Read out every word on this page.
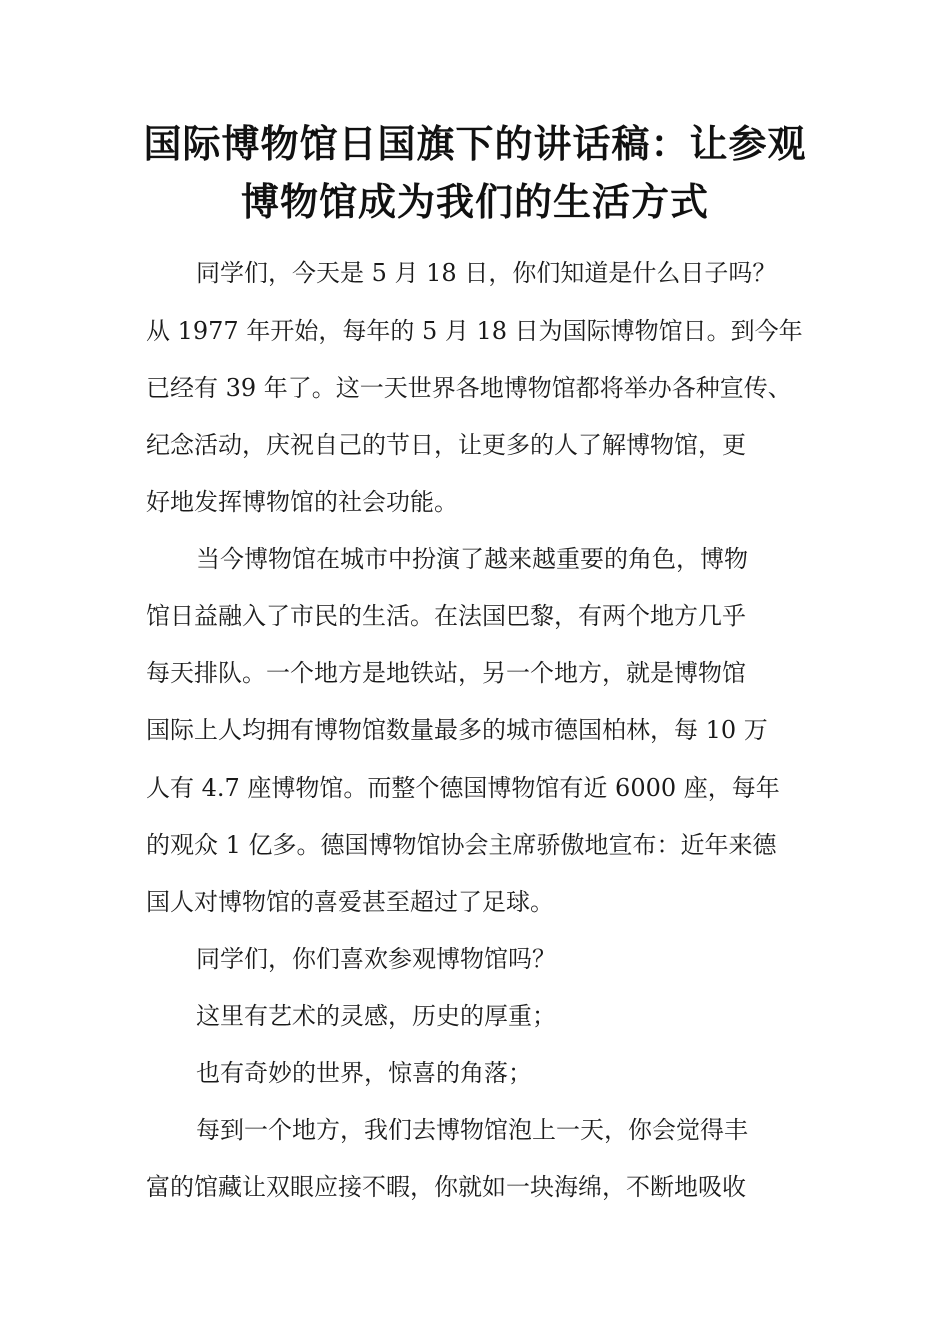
国际博物馆日国旗下的讲话稿：让参观
博物馆成为我们的生活方式
同学们，今天是 5 月 18 日，你们知道是什么日子吗？
从 1977 年开始，每年的 5 月 18 日为国际博物馆日。到今年
已经有 39 年了。这一天世界各地博物馆都将举办各种宣传、
纪念活动，庆祝自己的节日，让更多的人了解博物馆，更
好地发挥博物馆的社会功能。
当今博物馆在城市中扮演了越来越重要的角色，博物
馆日益融入了市民的生活。在法国巴黎，有两个地方几乎
每天排队。一个地方是地铁站，另一个地方，就是博物馆
国际上人均拥有博物馆数量最多的城市德国柏林，每 10 万
人有 4.7 座博物馆。而整个德国博物馆有近 6000 座，每年
的观众 1 亿多。德国博物馆协会主席骄傲地宣布：近年来德
国人对博物馆的喜爱甚至超过了足球。
同学们，你们喜欢参观博物馆吗？
这里有艺术的灵感，历史的厚重；
也有奇妙的世界，惊喜的角落；
每到一个地方，我们去博物馆泡上一天，你会觉得丰
富的馆藏让双眼应接不暇，你就如一块海绵，不断地吸收
